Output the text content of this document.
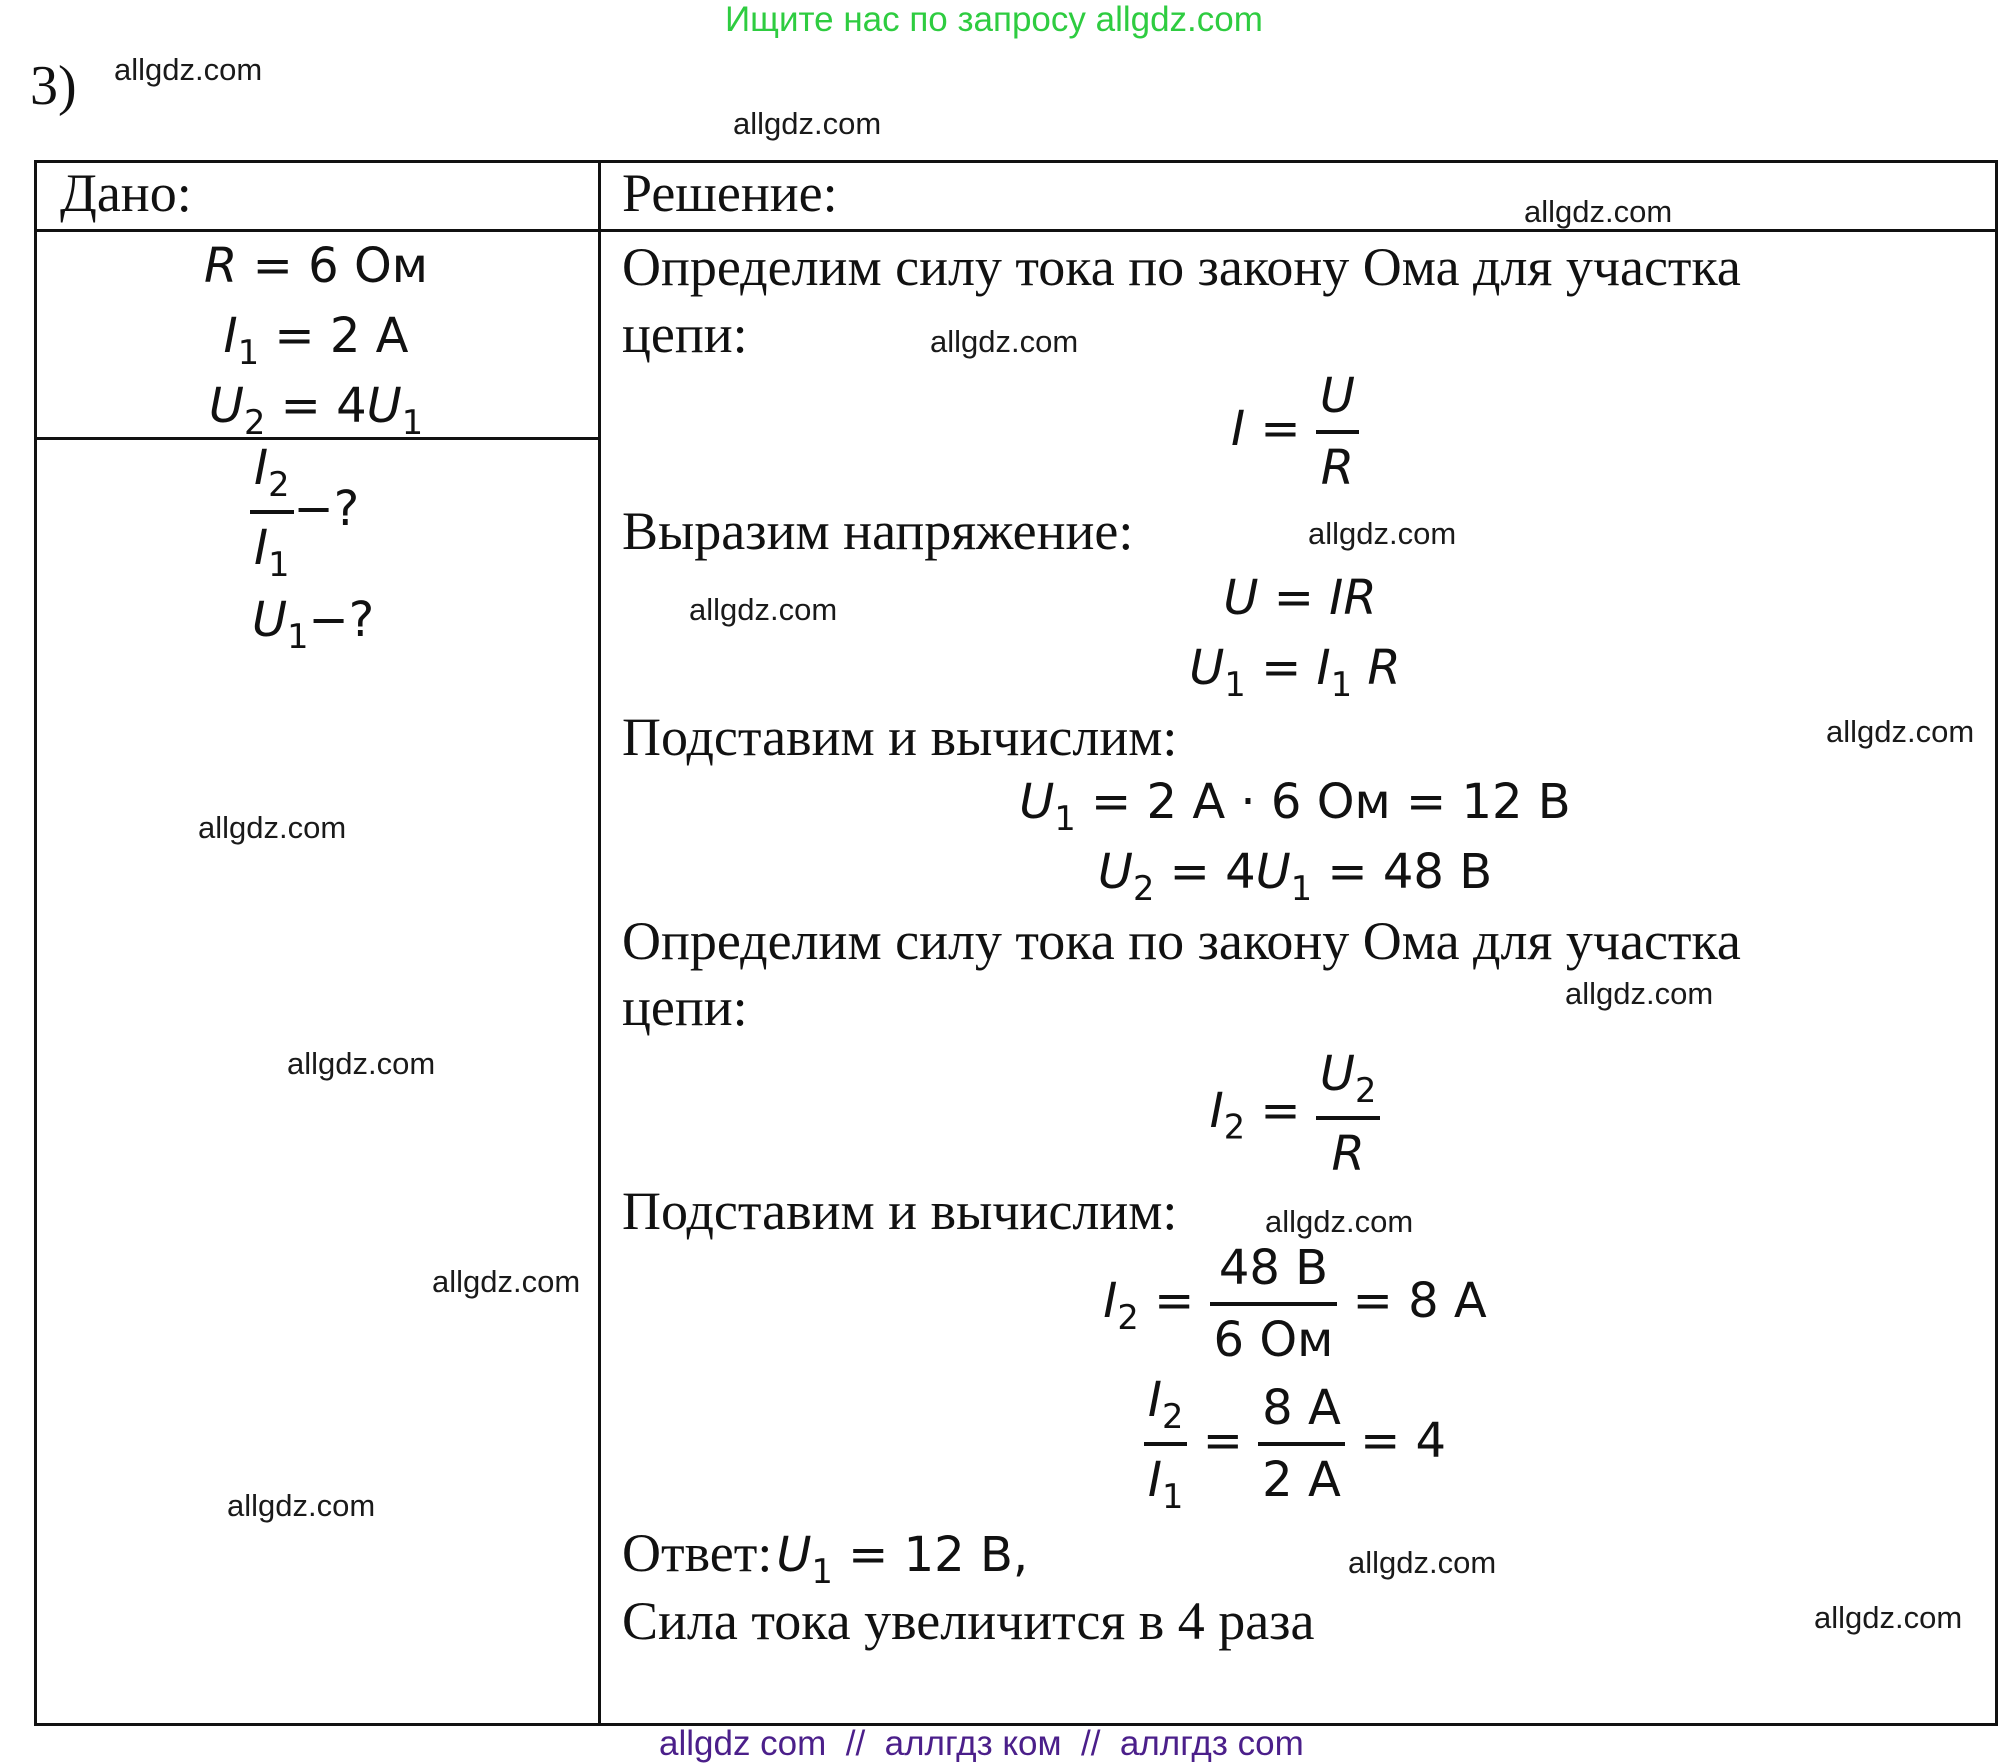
Ищите нас по запросу allgdz.com
3)
Дано:	Решение:
R = 6 Ом
$I_1 = 2$ А
$U_2 = 4U_1$
$\frac{I_2}{I_1}$ −?
$U_1-$?
Определим силу тока по закону Ома для участка
цепи:
$I = \frac{U}{R}$
Выразим напряжение:
U = IR
$U_1 = I_1$ R
Подставим и вычислим:
$U_1 = 2$ А · 6 Ом = 12 В
$U_2 = 4U_1 = 48$ В
Определим силу тока по закону Ома для участка
цепи:
$I_2 = \frac{U_2}{R}$
Подставим и вычислим:
$I_2 = \frac{48 В}{6 Ом} = 8$ А
$\frac{I_2}{I_1} = \frac{8 А}{2 А} = 4$
Ответ: $U_1 = 12$ В,
Сила тока увеличится в 4 раза
allgdz.com
allgdz.com
allgdz.com
allgdz.com
allgdz.com
allgdz.com
allgdz.com
allgdz.com
allgdz.com
allgdz.com
allgdz.com
allgdz.com
allgdz.com
allgdz.com
allgdz.com
allgdz com  //  аллгдз ком  //  аллгдз com
